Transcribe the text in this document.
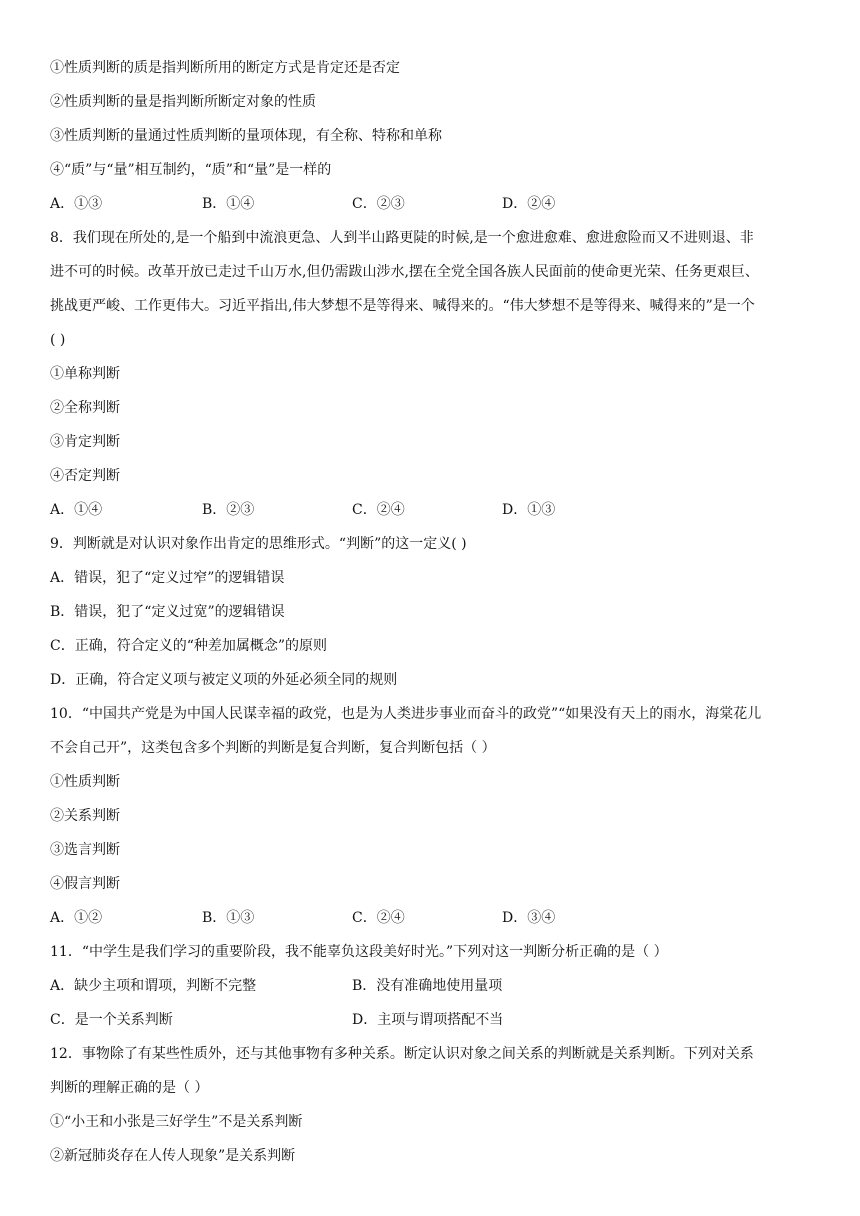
①性质判断的质是指判断所用的断定方式是肯定还是否定
②性质判断的量是指判断所断定对象的性质
③性质判断的量通过性质判断的量项体现，有全称、特称和单称
④“质”与“量”相互制约，“质”和“量”是一样的
A．①③	B．①④	C．②③	D．②④
8．我们现在所处的,是一个船到中流浪更急、人到半山路更陡的时候,是一个愈进愈难、愈进愈险而又不进则退、非
进不可的时候。改革开放已走过千山万水,但仍需跋山涉水,摆在全党全国各族人民面前的使命更光荣、任务更艰巨、
挑战更严峻、工作更伟大。习近平指出,伟大梦想不是等得来、喊得来的。“伟大梦想不是等得来、喊得来的”是一个
( )
①单称判断
②全称判断
③肯定判断
④否定判断
A．①④	B．②③	C．②④	D．①③
9．判断就是对认识对象作出肯定的思维形式。“判断”的这一定义( )
A．错误，犯了“定义过窄”的逻辑错误
B．错误，犯了“定义过宽”的逻辑错误
C．正确，符合定义的“种差加属概念”的原则
D．正确，符合定义项与被定义项的外延必须全同的规则
10．“中国共产党是为中国人民谋幸福的政党，也是为人类进步事业而奋斗的政党”“如果没有天上的雨水，海棠花儿
不会自己开”，这类包含多个判断的判断是复合判断，复合判断包括（ ）
①性质判断
②关系判断
③选言判断
④假言判断
A．①②	B．①③	C．②④	D．③④
11．“中学生是我们学习的重要阶段，我不能辜负这段美好时光。”下列对这一判断分析正确的是（ ）
A．缺少主项和谓项，判断不完整	B．没有准确地使用量项
C．是一个关系判断	D．主项与谓项搭配不当
12．事物除了有某些性质外，还与其他事物有多种关系。断定认识对象之间关系的判断就是关系判断。下列对关系
判断的理解正确的是（ ）
①“小王和小张是三好学生”不是关系判断
②新冠肺炎存在人传人现象”是关系判断
